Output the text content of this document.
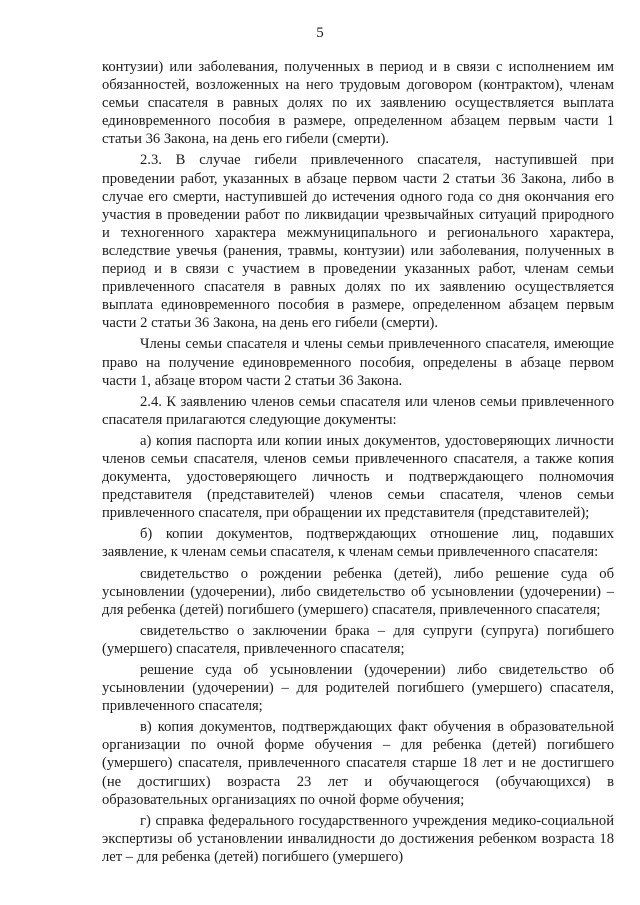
5

контузии) или заболевания, полученных в период и в связи с исполнением им обязанностей, возложенных на него трудовым договором (контрактом), членам семьи спасателя в равных долях по их заявлению осуществляется выплата единовременного пособия в размере, определенном абзацем первым части 1 статьи 36 Закона, на день его гибели (смерти).

2.3. В случае гибели привлеченного спасателя, наступившей при проведении работ, указанных в абзаце первом части 2 статьи 36 Закона, либо в случае его смерти, наступившей до истечения одного года со дня окончания его участия в проведении работ по ликвидации чрезвычайных ситуаций природного и техногенного характера межмуниципального и регионального характера, вследствие увечья (ранения, травмы, контузии) или заболевания, полученных в период и в связи с участием в проведении указанных работ, членам семьи привлеченного спасателя в равных долях по их заявлению осуществляется выплата единовременного пособия в размере, определенном абзацем первым части 2 статьи 36 Закона, на день его гибели (смерти).

Члены семьи спасателя и члены семьи привлеченного спасателя, имеющие право на получение единовременного пособия, определены в абзаце первом части 1, абзаце втором части 2 статьи 36 Закона.

2.4. К заявлению членов семьи спасателя или членов семьи привлеченного спасателя прилагаются следующие документы:

а) копия паспорта или копии иных документов, удостоверяющих личности членов семьи спасателя, членов семьи привлеченного спасателя, а также копия документа, удостоверяющего личность и подтверждающего полномочия представителя (представителей) членов семьи спасателя, членов семьи привлеченного спасателя, при обращении их представителя (представителей);

б) копии документов, подтверждающих отношение лиц, подавших заявление, к членам семьи спасателя, к членам семьи привлеченного спасателя:

свидетельство о рождении ребенка (детей), либо решение суда об усыновлении (удочерении), либо свидетельство об усыновлении (удочерении) – для ребенка (детей) погибшего (умершего) спасателя, привлеченного спасателя;

свидетельство о заключении брака – для супруги (супруга) погибшего (умершего) спасателя, привлеченного спасателя;

решение суда об усыновлении (удочерении) либо свидетельство об усыновлении (удочерении) – для родителей погибшего (умершего) спасателя, привлеченного спасателя;

в) копия документов, подтверждающих факт обучения в образовательной организации по очной форме обучения – для ребенка (детей) погибшего (умершего) спасателя, привлеченного спасателя старше 18 лет и не достигшего (не достигших) возраста 23 лет и обучающегося (обучающихся) в образовательных организациях по очной форме обучения;

г) справка федерального государственного учреждения медико-социальной экспертизы об установлении инвалидности до достижения ребенком возраста 18 лет – для ребенка (детей) погибшего (умершего)
